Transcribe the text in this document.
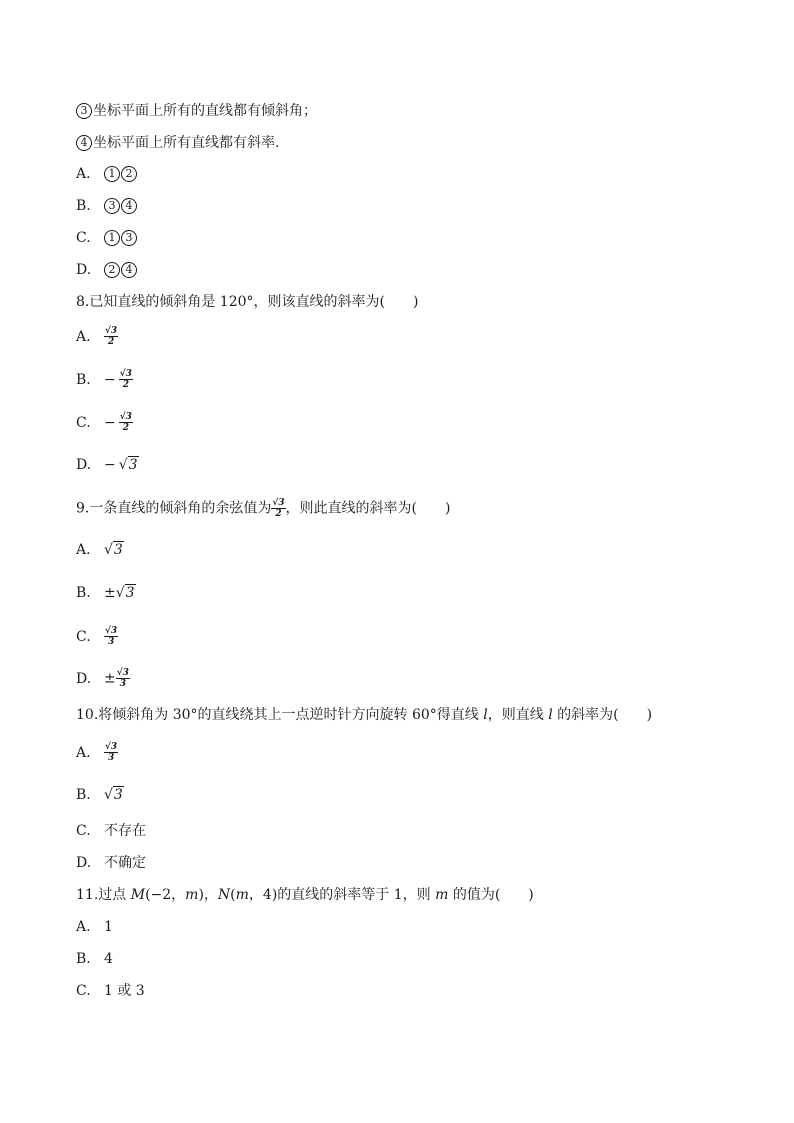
3 坐标平面上所有的直线都有倾斜角；
4 坐标平面上所有直线都有斜率.
A. 1 2
B. 3 4
C. 1 3
D. 2 4
8.已知直线的倾斜角是 120°，则该直线的斜率为(　　)
A. $\frac{√3}{2}$
B. − $\frac{√3}{2}$
C. − $\frac{√3}{2}$
D. − √3
9.一条直线的倾斜角的余弦值为 $\frac{√3}{2}$ ，则此直线的斜率为(　　)
A. √3
B. ±√3
C. $\frac{√3}{3}$
D. ± $\frac{√3}{3}$
10.将倾斜角为 30°的直线绕其上一点逆时针方向旋转 60°得直线 l，则直线 l 的斜率为(　　)
A. $\frac{√3}{3}$
B. √3
C. 不存在
D. 不确定
11.过点 M(−2，m)，N(m，4)的直线的斜率等于 1，则 m 的值为(　　)
A. 1
B. 4
C. 1 或 3
